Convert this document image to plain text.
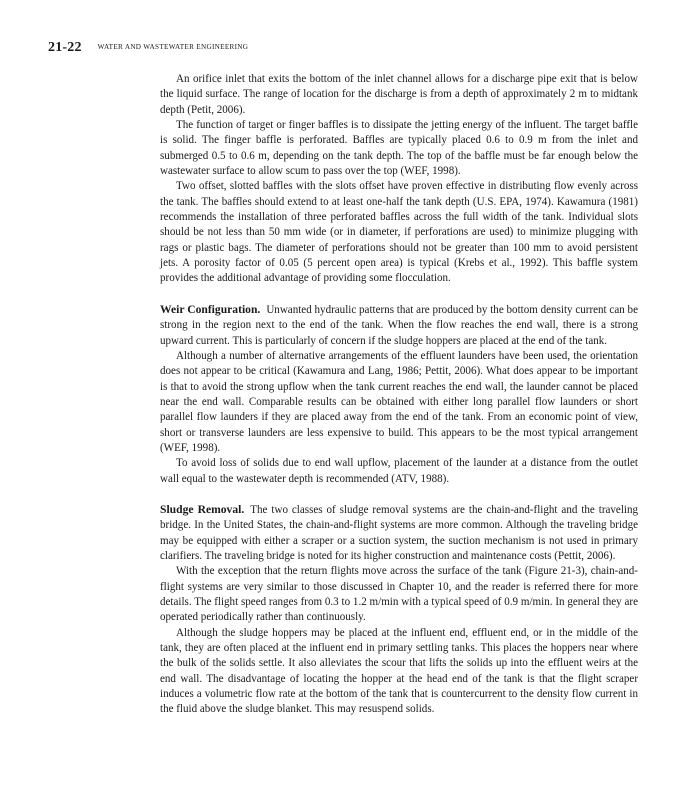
21-22 WATER AND WASTEWATER ENGINEERING

An orifice inlet that exits the bottom of the inlet channel allows for a discharge pipe exit that is below the liquid surface. The range of location for the discharge is from a depth of approximately 2 m to midtank depth (Petit, 2006).

The function of target or finger baffles is to dissipate the jetting energy of the influent. The target baffle is solid. The finger baffle is perforated. Baffles are typically placed 0.6 to 0.9 m from the inlet and submerged 0.5 to 0.6 m, depending on the tank depth. The top of the baffle must be far enough below the wastewater surface to allow scum to pass over the top (WEF, 1998).

Two offset, slotted baffles with the slots offset have proven effective in distributing flow evenly across the tank. The baffles should extend to at least one-half the tank depth (U.S. EPA, 1974). Kawamura (1981) recommends the installation of three perforated baffles across the full width of the tank. Individual slots should be not less than 50 mm wide (or in diameter, if perforations are used) to minimize plugging with rags or plastic bags. The diameter of perforations should not be greater than 100 mm to avoid persistent jets. A porosity factor of 0.05 (5 percent open area) is typical (Krebs et al., 1992). This baffle system provides the additional advantage of providing some flocculation.

Weir Configuration. Unwanted hydraulic patterns that are produced by the bottom density current can be strong in the region next to the end of the tank. When the flow reaches the end wall, there is a strong upward current. This is particularly of concern if the sludge hoppers are placed at the end of the tank.

Although a number of alternative arrangements of the effluent launders have been used, the orientation does not appear to be critical (Kawamura and Lang, 1986; Pettit, 2006). What does appear to be important is that to avoid the strong upflow when the tank current reaches the end wall, the launder cannot be placed near the end wall. Comparable results can be obtained with either long parallel flow launders or short parallel flow launders if they are placed away from the end of the tank. From an economic point of view, short or transverse launders are less expensive to build. This appears to be the most typical arrangement (WEF, 1998).

To avoid loss of solids due to end wall upflow, placement of the launder at a distance from the outlet wall equal to the wastewater depth is recommended (ATV, 1988).

Sludge Removal. The two classes of sludge removal systems are the chain-and-flight and the traveling bridge. In the United States, the chain-and-flight systems are more common. Although the traveling bridge may be equipped with either a scraper or a suction system, the suction mechanism is not used in primary clarifiers. The traveling bridge is noted for its higher construction and maintenance costs (Pettit, 2006).

With the exception that the return flights move across the surface of the tank (Figure 21-3), chain-and-flight systems are very similar to those discussed in Chapter 10, and the reader is referred there for more details. The flight speed ranges from 0.3 to 1.2 m/min with a typical speed of 0.9 m/min. In general they are operated periodically rather than continuously.

Although the sludge hoppers may be placed at the influent end, effluent end, or in the middle of the tank, they are often placed at the influent end in primary settling tanks. This places the hoppers near where the bulk of the solids settle. It also alleviates the scour that lifts the solids up into the effluent weirs at the end wall. The disadvantage of locating the hopper at the head end of the tank is that the flight scraper induces a volumetric flow rate at the bottom of the tank that is countercurrent to the density flow current in the fluid above the sludge blanket. This may resuspend solids.
